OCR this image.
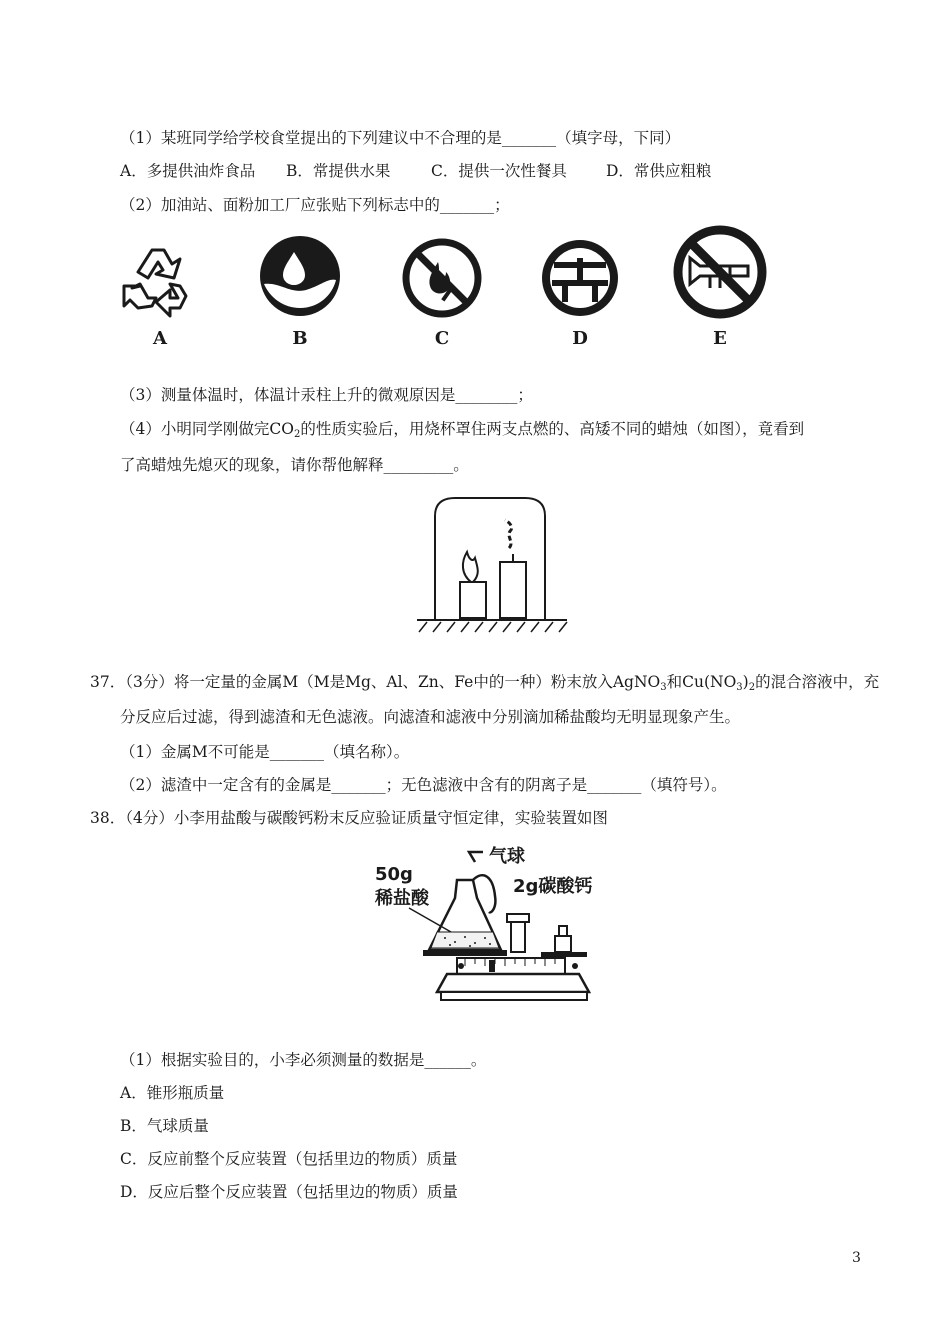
（1）某班同学给学校食堂提出的下列建议中不合理的是_______（填字母，下同）
A．多提供油炸食品 B．常提供水果	C．提供一次性餐具	D．常供应粗粮
（2）加油站、面粉加工厂应张贴下列标志中的_______；
A	B	C	D	E
（3）测量体温时，体温计汞柱上升的微观原因是________；
（4）小明同学刚做完$CO_2$的性质实验后，用烧杯罩住两支点燃的、高矮不同的蜡烛（如图），竟看到
了高蜡烛先熄灭的现象，请你帮他解释_________。
37．（3分）将一定量的金属M（M是Mg、Al、Zn、Fe中的一种）粉末放入AgNO$_3$和$Cu(NO_3)_2$的混合溶液中，充
分反应后过滤，得到滤渣和无色滤液。向滤渣和滤液中分别滴加稀盐酸均无明显现象产生。
（1）金属M不可能是_______（填名称）。
（2）滤渣中一定含有的金属是_______；无色滤液中含有的阴离子是_______（填符号）。
38．（4分）小李用盐酸与碳酸钙粉末反应验证质量守恒定律，实验装置如图
50g
稀盐酸
气球
2g碳酸钙
（1）根据实验目的，小李必须测量的数据是______。
A．锥形瓶质量
B．气球质量
C．反应前整个反应装置（包括里边的物质）质量
D．反应后整个反应装置（包括里边的物质）质量
3
